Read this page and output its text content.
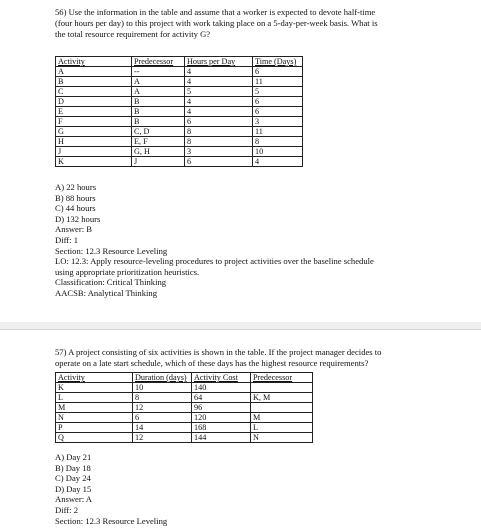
56) Use the information in the table and assume that a worker is expected to devote half-time
(four hours per day) to this project with work taking place on a 5-day-per-week basis. What is
the total resource requirement for activity G?
Activity	Predecessor	Hours per Day	Time (Days)
A	--	4	6
B	A	4	11
C	A	5	5
D	B	4	6
E	B	4	6
F	B	6	3
G	C, D	8	11
H	E, F	8	8
J	G, H	3	10
K	J	6	4
A) 22 hours
B) 88 hours
C) 44 hours
D) 132 hours
Answer: B
Diff: 1
Section: 12.3 Resource Leveling
LO: 12.3: Apply resource-leveling procedures to project activities over the baseline schedule
using appropriate prioritization heuristics.
Classification: Critical Thinking
AACSB: Analytical Thinking
57) A project consisting of six activities is shown in the table. If the project manager decides to
operate on a late start schedule, which of these days has the highest resource requirements?
Activity	Duration (days)	Activity Cost	Predecessor
K	10	140	
L	8	64	K, M
M	12	96	
N	6	120	M
P	14	168	L
Q	12	144	N
A) Day 21
B) Day 18
C) Day 24
D) Day 15
Answer: A
Diff: 2
Section: 12.3 Resource Leveling
